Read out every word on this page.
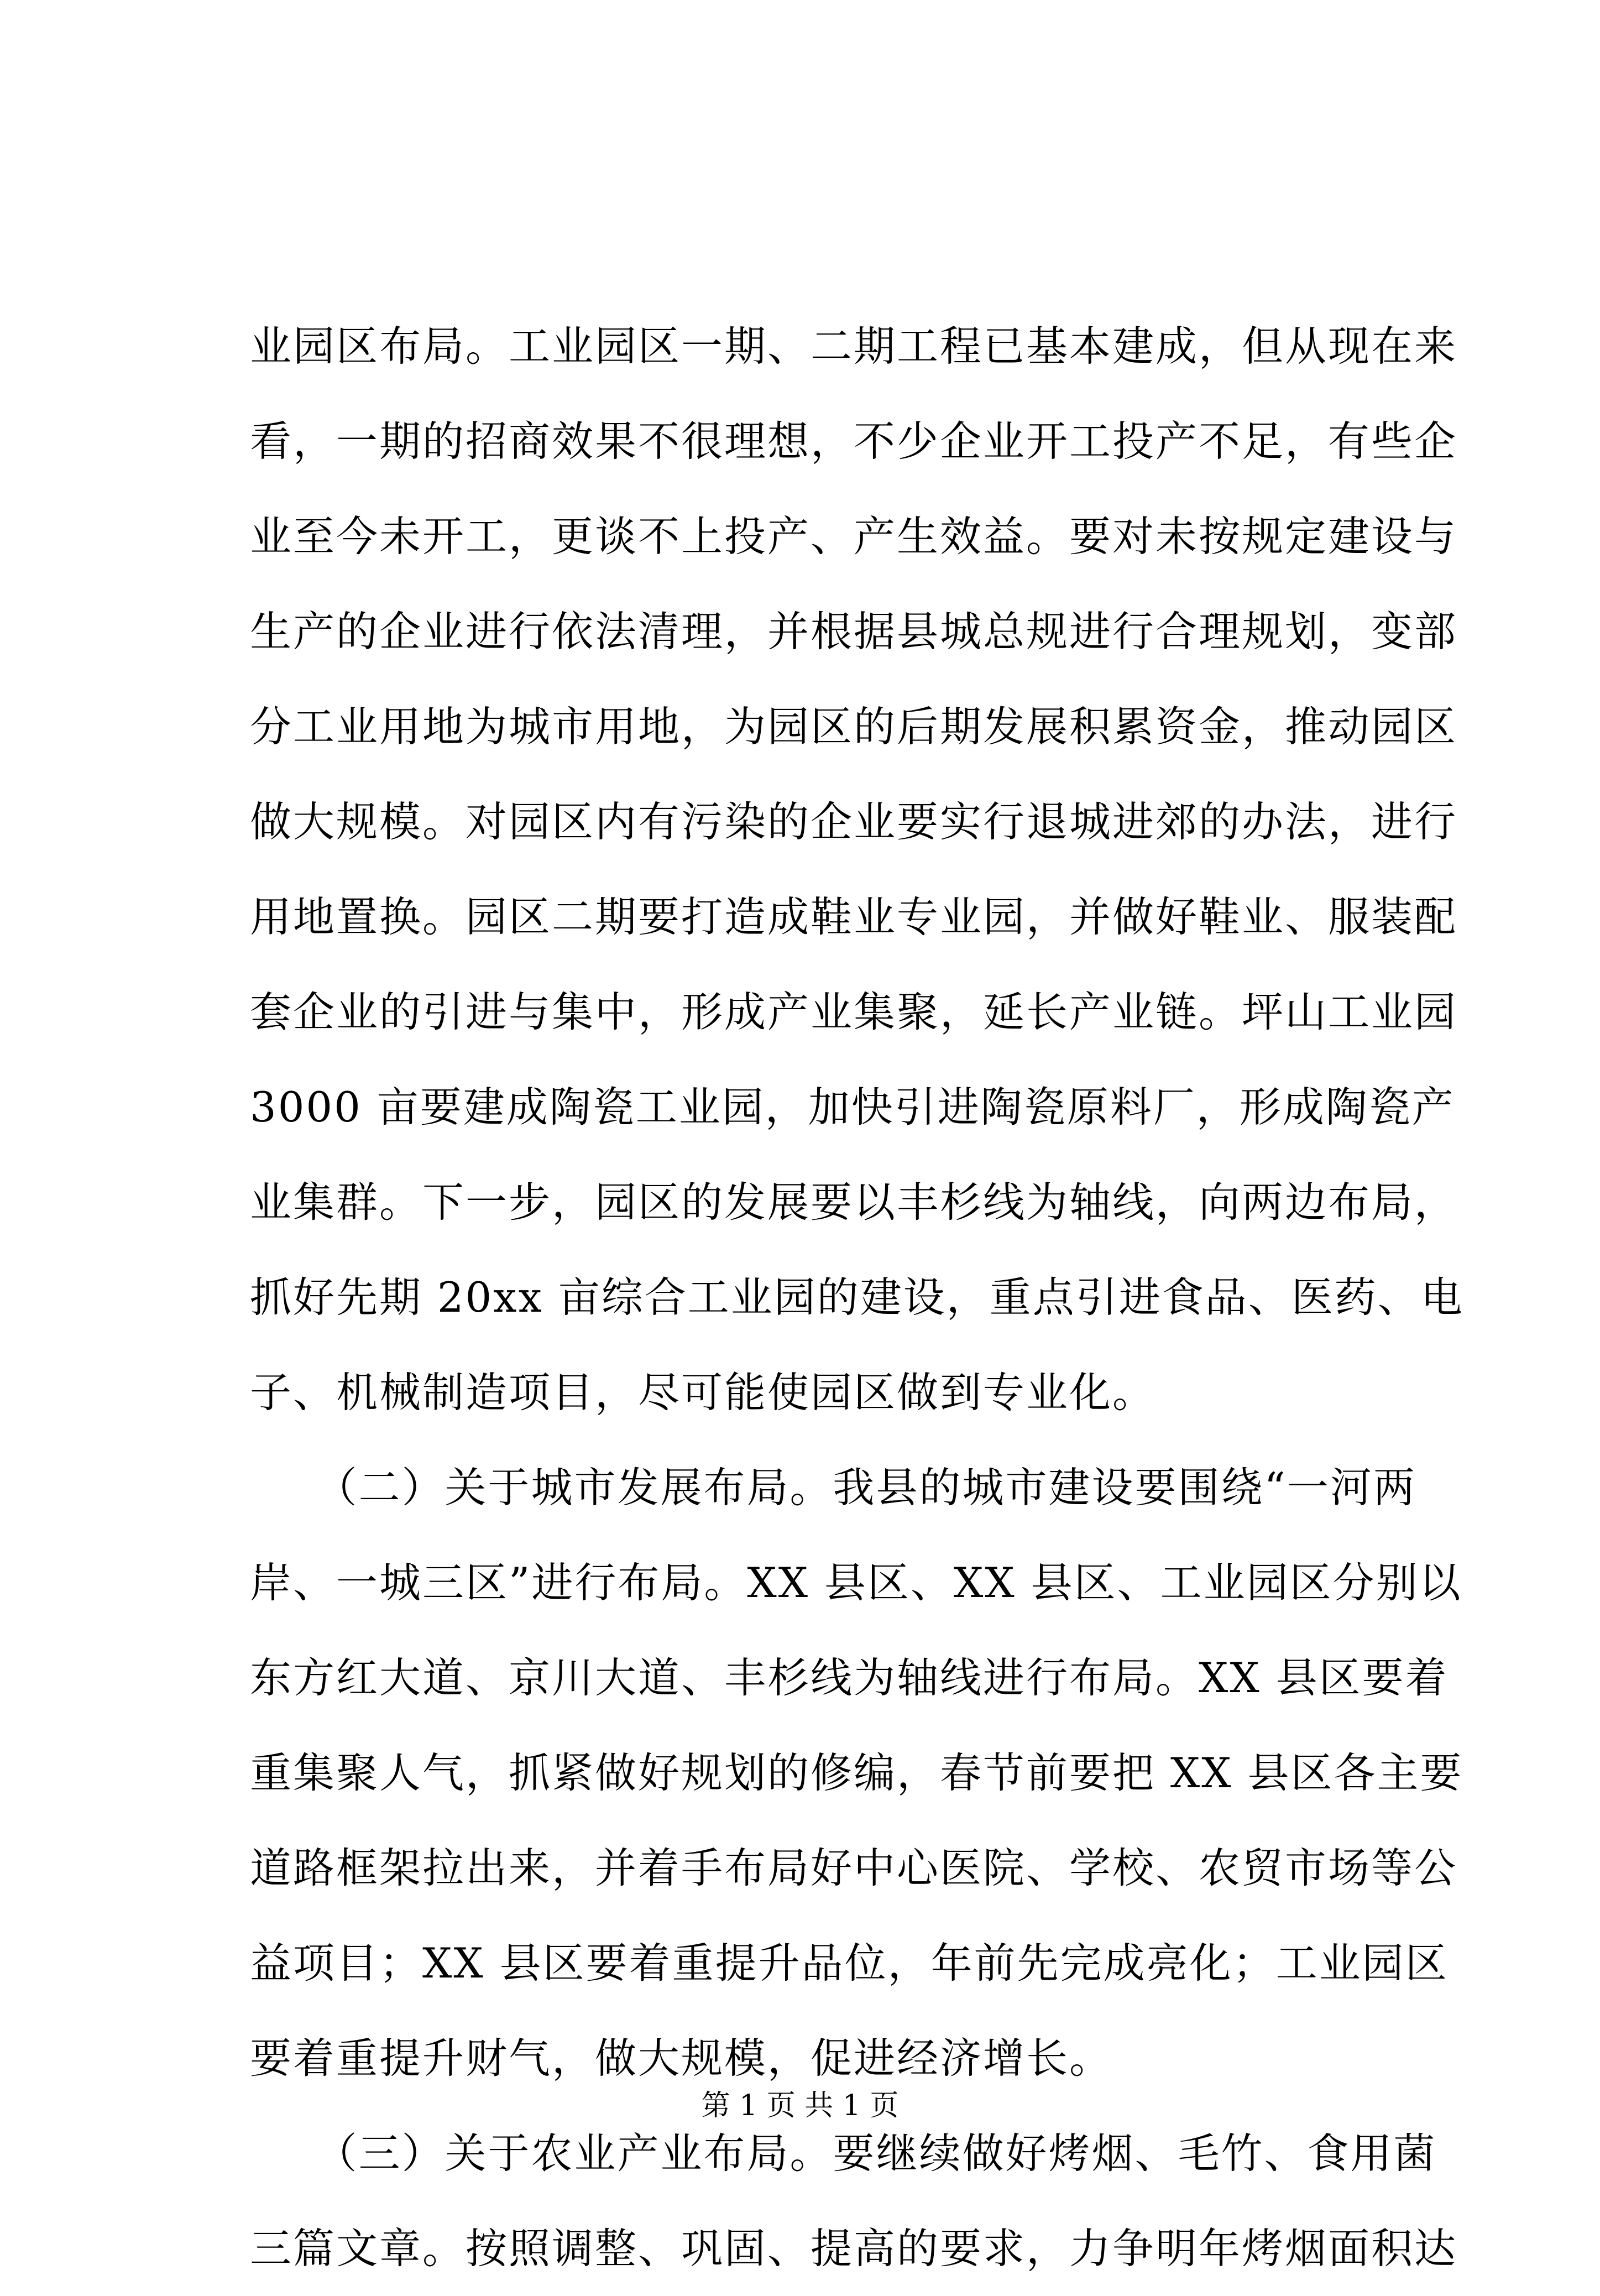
业园区布局。工业园区一期、二期工程已基本建成，但从现在来
看，一期的招商效果不很理想，不少企业开工投产不足，有些企
业至今未开工，更谈不上投产、产生效益。要对未按规定建设与
生产的企业进行依法清理，并根据县城总规进行合理规划，变部
分工业用地为城市用地，为园区的后期发展积累资金，推动园区
做大规模。对园区内有污染的企业要实行退城进郊的办法，进行
用地置换。园区二期要打造成鞋业专业园，并做好鞋业、服装配
套企业的引进与集中，形成产业集聚，延长产业链。坪山工业园
3000 亩要建成陶瓷工业园，加快引进陶瓷原料厂，形成陶瓷产
业集群。下一步，园区的发展要以丰杉线为轴线，向两边布局，
抓好先期 20xx 亩综合工业园的建设，重点引进食品、医药、电
子、机械制造项目，尽可能使园区做到专业化。
　　（二）关于城市发展布局。我县的城市建设要围绕“一河两
岸、一城三区”进行布局。XX 县区、XX 县区、工业园区分别以
东方红大道、京川大道、丰杉线为轴线进行布局。XX 县区要着
重集聚人气，抓紧做好规划的修编，春节前要把 XX 县区各主要
道路框架拉出来，并着手布局好中心医院、学校、农贸市场等公
益项目；XX 县区要着重提升品位，年前先完成亮化；工业园区
要着重提升财气，做大规模，促进经济增长。
　　（三）关于农业产业布局。要继续做好烤烟、毛竹、食用菌
三篇文章。按照调整、巩固、提高的要求，力争明年烤烟面积达
第 1 页 共 1 页
